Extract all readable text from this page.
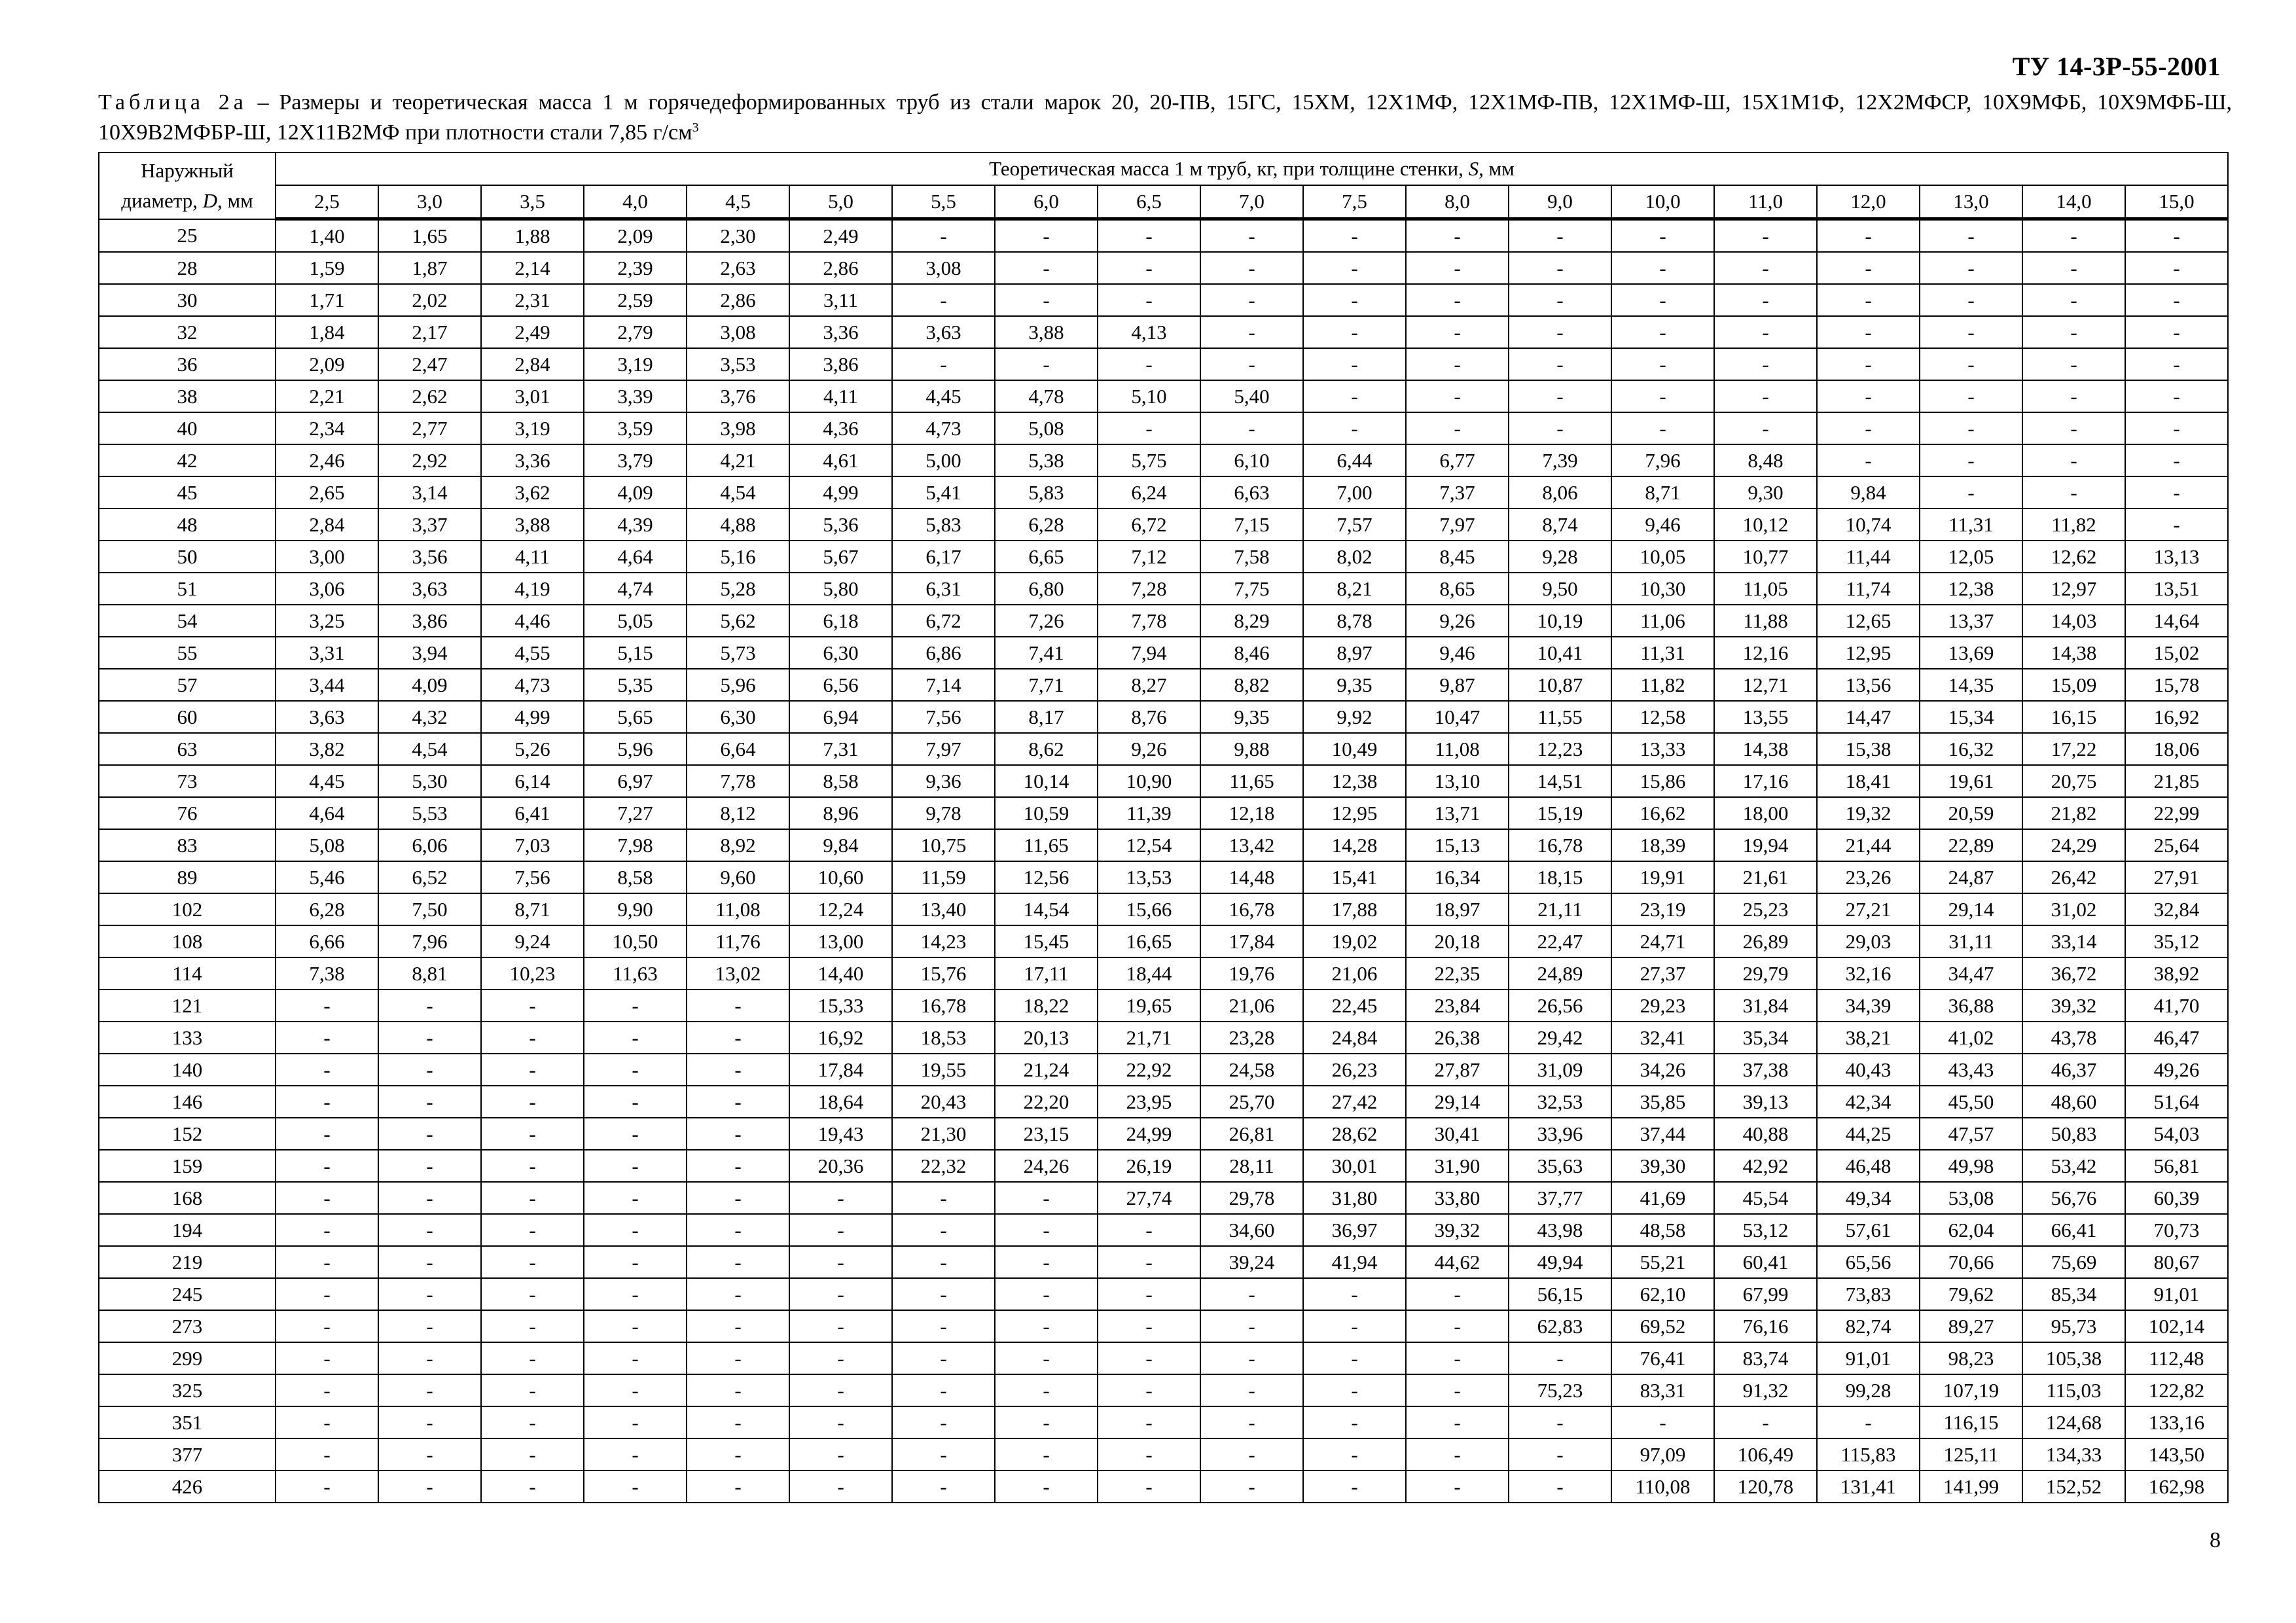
ТУ 14-3Р-55-2001
Таблица 2а – Размеры и теоретическая масса 1 м горячедеформированных труб из стали марок 20, 20-ПВ, 15ГС, 15ХМ, 12Х1МФ, 12Х1МФ-ПВ, 12Х1МФ-Ш, 15Х1М1Ф, 12Х2МФСР, 10Х9МФБ, 10Х9МФБ-Ш, 10Х9В2МФБР-Ш, 12Х11В2МФ при плотности стали 7,85 $г/см^3$
Наружный
диаметр, D, мм	Теоретическая масса 1 м труб, кг, при толщине стенки, S, мм																		
	2,5	3,0	3,5	4,0	4,5	5,0	5,5	6,0	6,5	7,0	7,5	8,0	9,0	10,0	11,0	12,0	13,0	14,0	15,0
25	1,40	1,65	1,88	2,09	2,30	2,49	-	-	-	-	-	-	-	-	-	-	-	-	-
28	1,59	1,87	2,14	2,39	2,63	2,86	3,08	-	-	-	-	-	-	-	-	-	-	-	-
30	1,71	2,02	2,31	2,59	2,86	3,11	-	-	-	-	-	-	-	-	-	-	-	-	-
32	1,84	2,17	2,49	2,79	3,08	3,36	3,63	3,88	4,13	-	-	-	-	-	-	-	-	-	-
36	2,09	2,47	2,84	3,19	3,53	3,86	-	-	-	-	-	-	-	-	-	-	-	-	-
38	2,21	2,62	3,01	3,39	3,76	4,11	4,45	4,78	5,10	5,40	-	-	-	-	-	-	-	-	-
40	2,34	2,77	3,19	3,59	3,98	4,36	4,73	5,08	-	-	-	-	-	-	-	-	-	-	-
42	2,46	2,92	3,36	3,79	4,21	4,61	5,00	5,38	5,75	6,10	6,44	6,77	7,39	7,96	8,48	-	-	-	-
45	2,65	3,14	3,62	4,09	4,54	4,99	5,41	5,83	6,24	6,63	7,00	7,37	8,06	8,71	9,30	9,84	-	-	-
48	2,84	3,37	3,88	4,39	4,88	5,36	5,83	6,28	6,72	7,15	7,57	7,97	8,74	9,46	10,12	10,74	11,31	11,82	-
50	3,00	3,56	4,11	4,64	5,16	5,67	6,17	6,65	7,12	7,58	8,02	8,45	9,28	10,05	10,77	11,44	12,05	12,62	13,13
51	3,06	3,63	4,19	4,74	5,28	5,80	6,31	6,80	7,28	7,75	8,21	8,65	9,50	10,30	11,05	11,74	12,38	12,97	13,51
54	3,25	3,86	4,46	5,05	5,62	6,18	6,72	7,26	7,78	8,29	8,78	9,26	10,19	11,06	11,88	12,65	13,37	14,03	14,64
55	3,31	3,94	4,55	5,15	5,73	6,30	6,86	7,41	7,94	8,46	8,97	9,46	10,41	11,31	12,16	12,95	13,69	14,38	15,02
57	3,44	4,09	4,73	5,35	5,96	6,56	7,14	7,71	8,27	8,82	9,35	9,87	10,87	11,82	12,71	13,56	14,35	15,09	15,78
60	3,63	4,32	4,99	5,65	6,30	6,94	7,56	8,17	8,76	9,35	9,92	10,47	11,55	12,58	13,55	14,47	15,34	16,15	16,92
63	3,82	4,54	5,26	5,96	6,64	7,31	7,97	8,62	9,26	9,88	10,49	11,08	12,23	13,33	14,38	15,38	16,32	17,22	18,06
73	4,45	5,30	6,14	6,97	7,78	8,58	9,36	10,14	10,90	11,65	12,38	13,10	14,51	15,86	17,16	18,41	19,61	20,75	21,85
76	4,64	5,53	6,41	7,27	8,12	8,96	9,78	10,59	11,39	12,18	12,95	13,71	15,19	16,62	18,00	19,32	20,59	21,82	22,99
83	5,08	6,06	7,03	7,98	8,92	9,84	10,75	11,65	12,54	13,42	14,28	15,13	16,78	18,39	19,94	21,44	22,89	24,29	25,64
89	5,46	6,52	7,56	8,58	9,60	10,60	11,59	12,56	13,53	14,48	15,41	16,34	18,15	19,91	21,61	23,26	24,87	26,42	27,91
102	6,28	7,50	8,71	9,90	11,08	12,24	13,40	14,54	15,66	16,78	17,88	18,97	21,11	23,19	25,23	27,21	29,14	31,02	32,84
108	6,66	7,96	9,24	10,50	11,76	13,00	14,23	15,45	16,65	17,84	19,02	20,18	22,47	24,71	26,89	29,03	31,11	33,14	35,12
114	7,38	8,81	10,23	11,63	13,02	14,40	15,76	17,11	18,44	19,76	21,06	22,35	24,89	27,37	29,79	32,16	34,47	36,72	38,92
121	-	-	-	-	-	15,33	16,78	18,22	19,65	21,06	22,45	23,84	26,56	29,23	31,84	34,39	36,88	39,32	41,70
133	-	-	-	-	-	16,92	18,53	20,13	21,71	23,28	24,84	26,38	29,42	32,41	35,34	38,21	41,02	43,78	46,47
140	-	-	-	-	-	17,84	19,55	21,24	22,92	24,58	26,23	27,87	31,09	34,26	37,38	40,43	43,43	46,37	49,26
146	-	-	-	-	-	18,64	20,43	22,20	23,95	25,70	27,42	29,14	32,53	35,85	39,13	42,34	45,50	48,60	51,64
152	-	-	-	-	-	19,43	21,30	23,15	24,99	26,81	28,62	30,41	33,96	37,44	40,88	44,25	47,57	50,83	54,03
159	-	-	-	-	-	20,36	22,32	24,26	26,19	28,11	30,01	31,90	35,63	39,30	42,92	46,48	49,98	53,42	56,81
168	-	-	-	-	-	-	-	-	27,74	29,78	31,80	33,80	37,77	41,69	45,54	49,34	53,08	56,76	60,39
194	-	-	-	-	-	-	-	-	-	34,60	36,97	39,32	43,98	48,58	53,12	57,61	62,04	66,41	70,73
219	-	-	-	-	-	-	-	-	-	39,24	41,94	44,62	49,94	55,21	60,41	65,56	70,66	75,69	80,67
245	-	-	-	-	-	-	-	-	-	-	-	-	56,15	62,10	67,99	73,83	79,62	85,34	91,01
273	-	-	-	-	-	-	-	-	-	-	-	-	62,83	69,52	76,16	82,74	89,27	95,73	102,14
299	-	-	-	-	-	-	-	-	-	-	-	-	-	76,41	83,74	91,01	98,23	105,38	112,48
325	-	-	-	-	-	-	-	-	-	-	-	-	75,23	83,31	91,32	99,28	107,19	115,03	122,82
351	-	-	-	-	-	-	-	-	-	-	-	-	-	-	-	-	116,15	124,68	133,16
377	-	-	-	-	-	-	-	-	-	-	-	-	-	97,09	106,49	115,83	125,11	134,33	143,50
426	-	-	-	-	-	-	-	-	-	-	-	-	-	110,08	120,78	131,41	141,99	152,52	162,98
8
